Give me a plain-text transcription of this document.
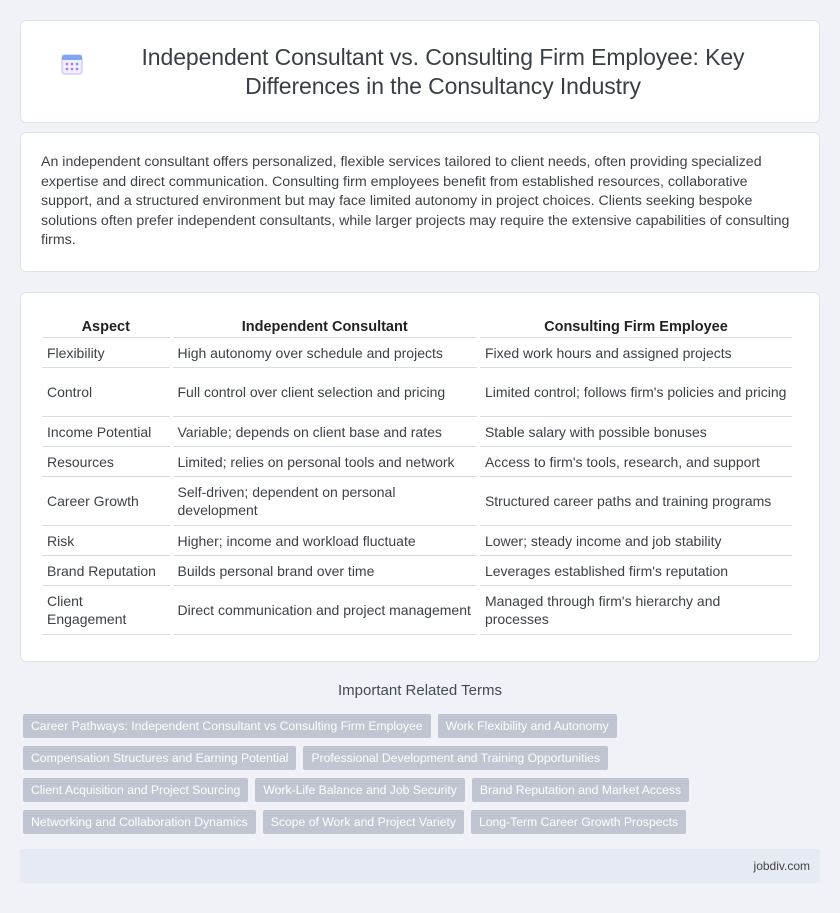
Independent Consultant vs. Consulting Firm Employee: Key Differences in the Consultancy Industry

An independent consultant offers personalized, flexible services tailored to client needs, often providing specialized expertise and direct communication. Consulting firm employees benefit from established resources, collaborative support, and a structured environment but may face limited autonomy in project choices. Clients seeking bespoke solutions often prefer independent consultants, while larger projects may require the extensive capabilities of consulting firms.

Aspect	Independent Consultant	Consulting Firm Employee
Flexibility	High autonomy over schedule and projects	Fixed work hours and assigned projects
Control	Full control over client selection and pricing	Limited control; follows firm's policies and pricing
Income Potential	Variable; depends on client base and rates	Stable salary with possible bonuses
Resources	Limited; relies on personal tools and network	Access to firm's tools, research, and support
Career Growth	Self-driven; dependent on personal development	Structured career paths and training programs
Risk	Higher; income and workload fluctuate	Lower; steady income and job stability
Brand Reputation	Builds personal brand over time	Leverages established firm's reputation
Client Engagement	Direct communication and project management	Managed through firm's hierarchy and processes
Important Related Terms
Career Pathways: Independent Consultant vs Consulting Firm Employee	Work Flexibility and Autonomy
Compensation Structures and Earning Potential	Professional Development and Training Opportunities
Client Acquisition and Project Sourcing	Work-Life Balance and Job Security	Brand Reputation and Market Access
Networking and Collaboration Dynamics	Scope of Work and Project Variety	Long-Term Career Growth Prospects
jobdiv.com
